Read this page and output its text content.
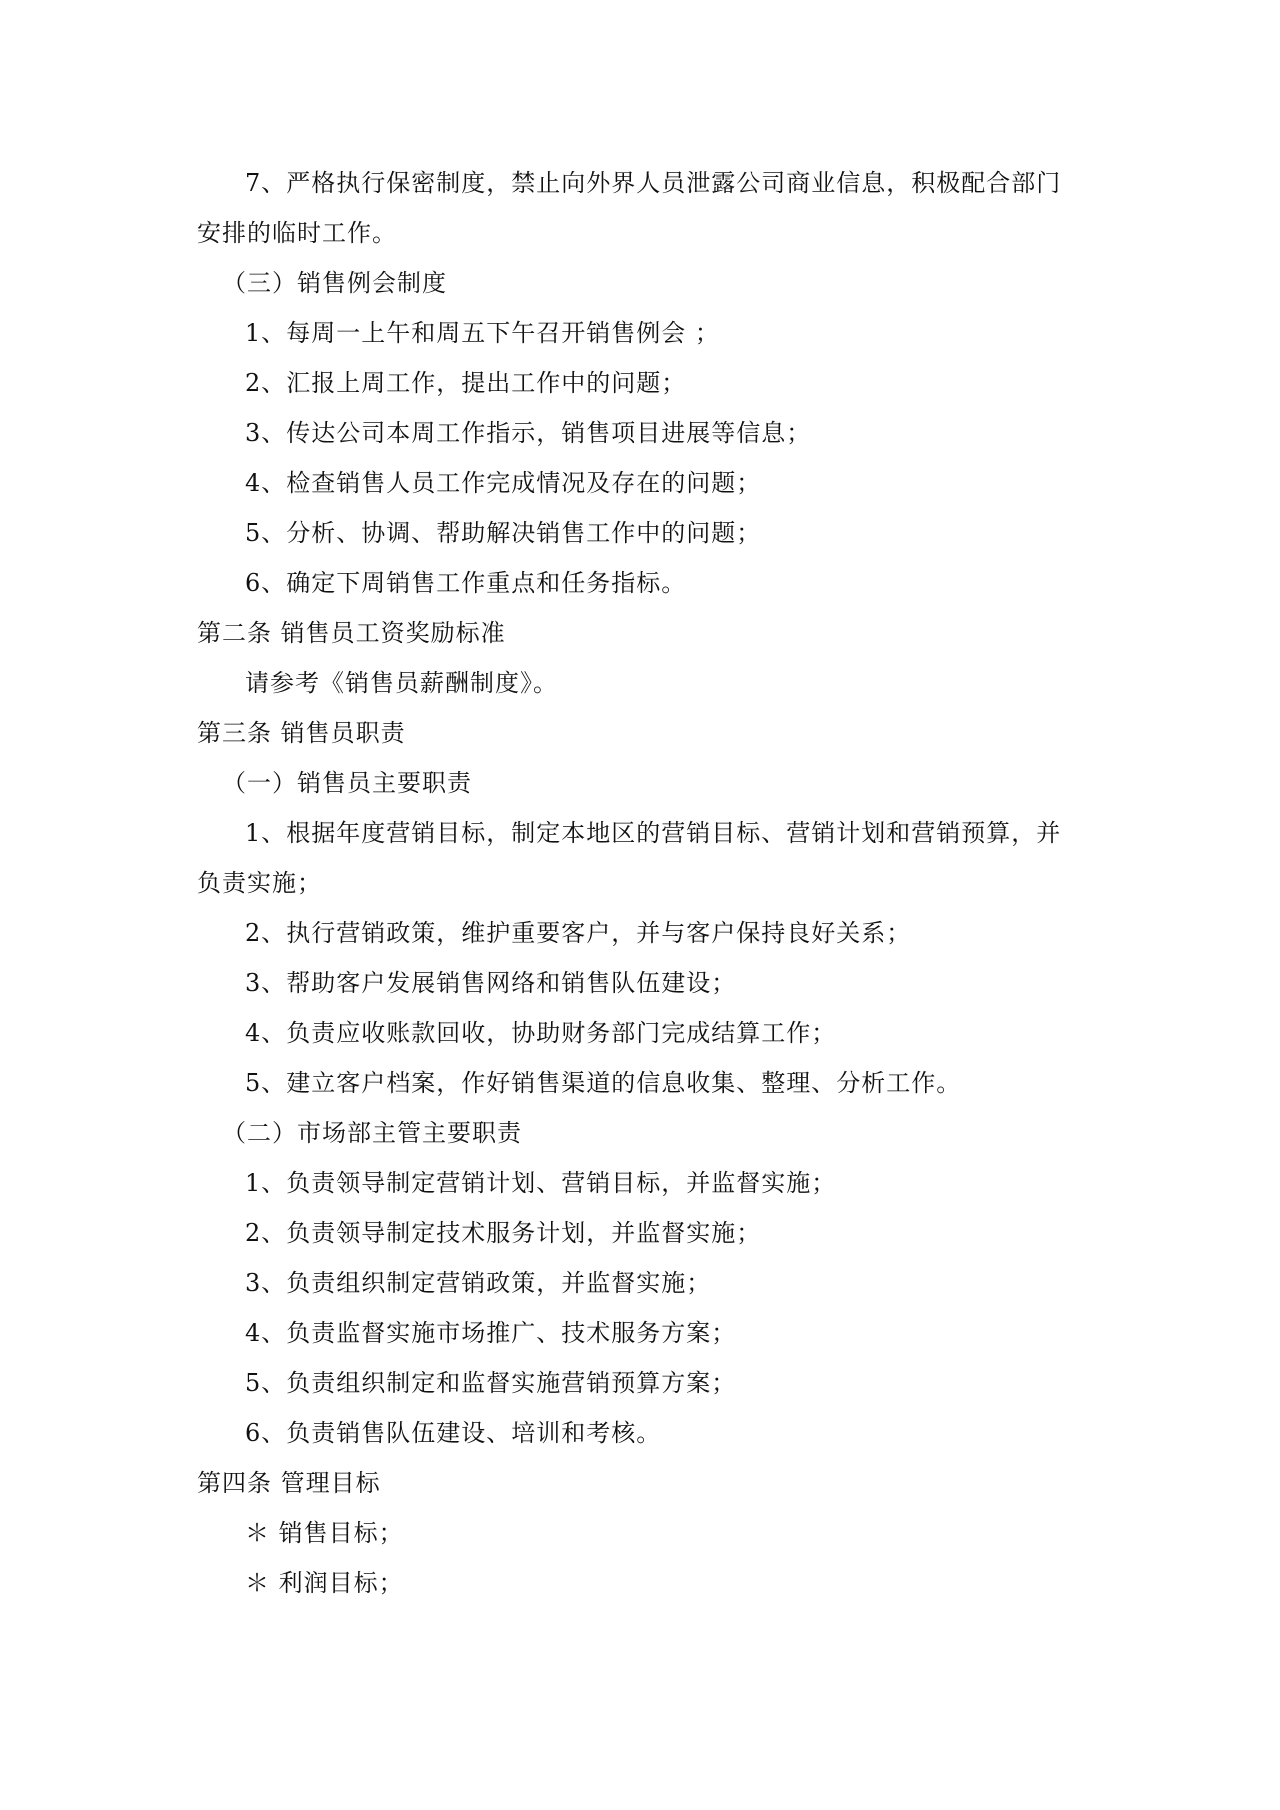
7、严格执行保密制度，禁止向外界人员泄露公司商业信息，积极配合部门
安排的临时工作。
（三）销售例会制度
1、每周一上午和周五下午召开销售例会 ；
2、汇报上周工作，提出工作中的问题；
3、传达公司本周工作指示，销售项目进展等信息；
4、检查销售人员工作完成情况及存在的问题；
5、分析、协调、帮助解决销售工作中的问题；
6、确定下周销售工作重点和任务指标。
第二条 销售员工资奖励标准
请参考《销售员薪酬制度》。
第三条 销售员职责
（一）销售员主要职责
1、根据年度营销目标，制定本地区的营销目标、营销计划和营销预算，并
负责实施；
2、执行营销政策，维护重要客户，并与客户保持良好关系；
3、帮助客户发展销售网络和销售队伍建设；
4、负责应收账款回收，协助财务部门完成结算工作；
5、建立客户档案，作好销售渠道的信息收集、整理、分析工作。
（二）市场部主管主要职责
1、负责领导制定营销计划、营销目标，并监督实施；
2、负责领导制定技术服务计划，并监督实施；
3、负责组织制定营销政策，并监督实施；
4、负责监督实施市场推广、技术服务方案；
5、负责组织制定和监督实施营销预算方案；
6、负责销售队伍建设、培训和考核。
第四条 管理目标
＊ 销售目标；
＊ 利润目标；
